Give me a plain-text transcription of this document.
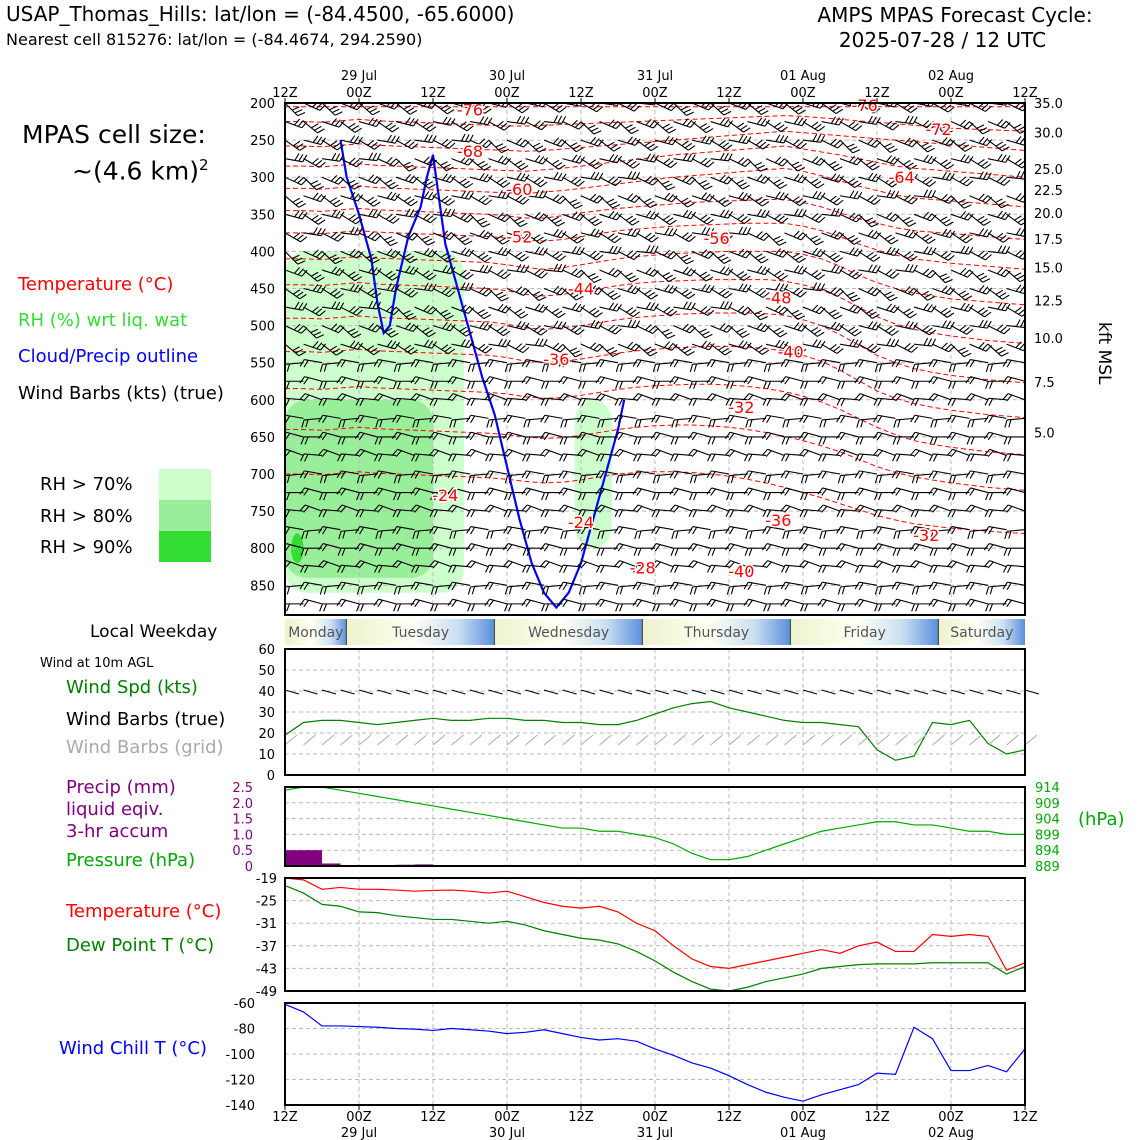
USAP_Thomas_Hills: lat/lon = (-84.4500, -65.6000)
Nearest cell 815276: lat/lon = (-84.4674, 294.2590)
AMPS MPAS Forecast Cycle:
2025-07-28 / 12 UTC
MPAS cell size:
~(4.6 km)$^2$
Temperature (°C)
RH (%) wrt liq. wat
Cloud/Precip outline
Wind Barbs (kts) (true)
RH > 70%
RH > 80%
RH > 90%
Local Weekday
Wind at 10m AGL
Wind Spd (kts)
Wind Barbs (true)
Wind Barbs (grid)
Precip (mm)
liquid eqiv.
3-hr accum
Pressure (hPa)
(hPa)
Temperature (°C)
Dew Point T (°C)
Wind Chill T (°C)
kft MSL
200
250
300
350
400
450
500
550
600
650
700
750
800
850
35.0
30.0
25.0
22.5
20.0
17.5
15.0
12.5
10.0
7.5
5.0
-76
-68
-60
-52
-44
-36
-32
-24
-24
-28
-56
-48
-40
-36
-40
-76
-72
-64
-32
12Z	00Z	12Z	00Z	12Z	00Z	12Z	00Z	12Z	00Z	12Z
29 Jul	30 Jul	31 Jul	01 Aug	02 Aug
Monday	Tuesday	Wednesday	Thursday	Friday	Saturday
0
10
20
30
40
50
60
0
0.5
1.0
1.5
2.0
2.5
889
894
899
904
909
914
-19
-25
-31
-37
-43
-49
-60
-80
-100
-120
-140
12Z	00Z	12Z	00Z	12Z	00Z	12Z	00Z	12Z	00Z	12Z
29 Jul	30 Jul	31 Jul	01 Aug	02 Aug
